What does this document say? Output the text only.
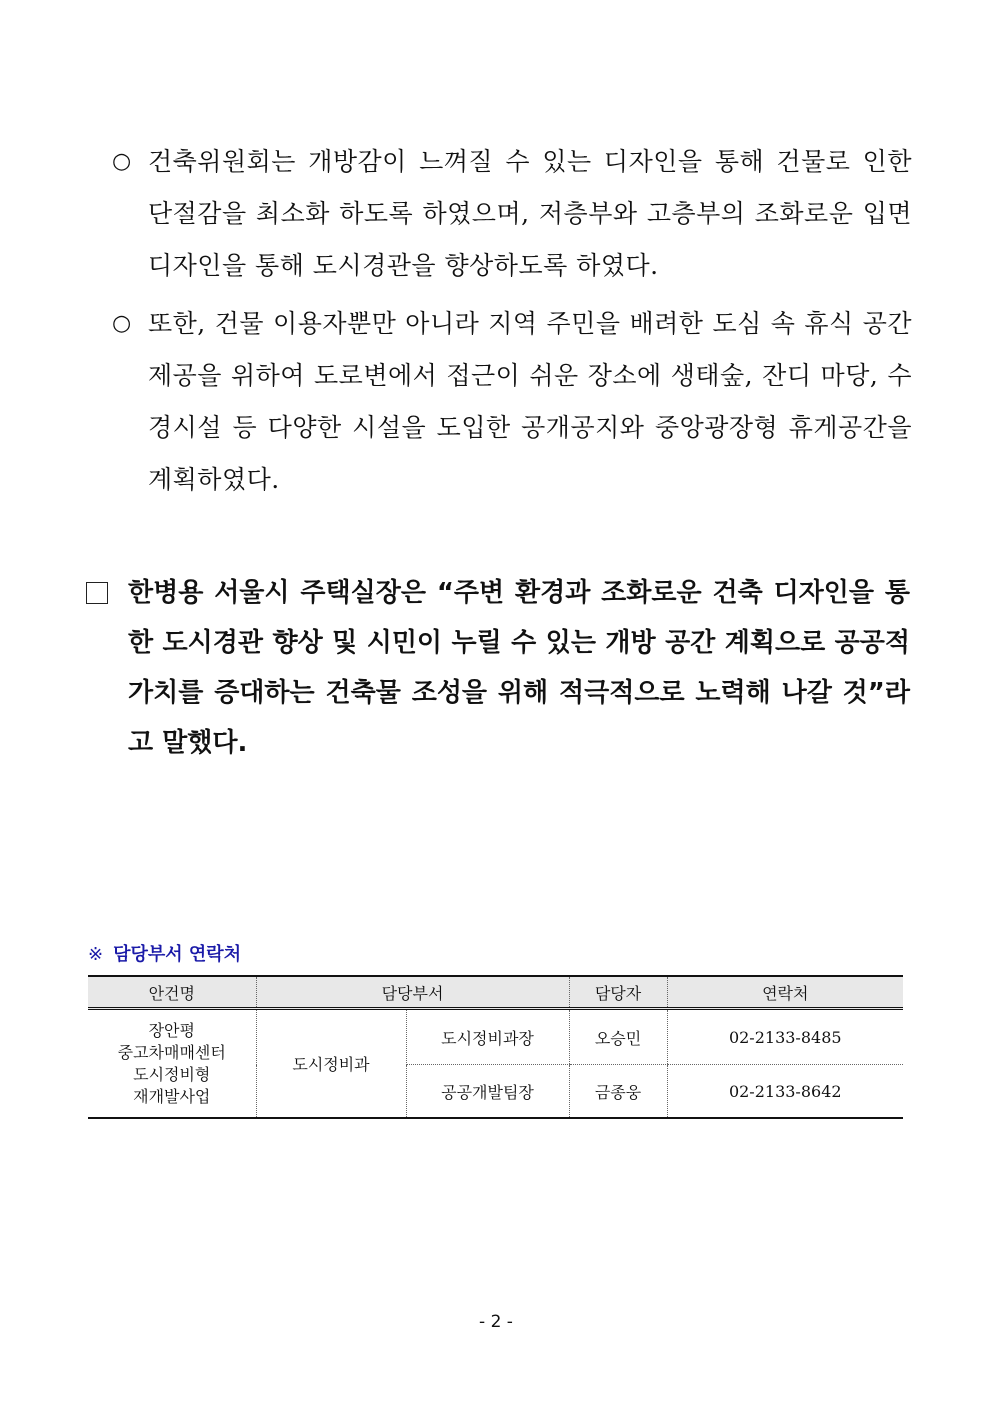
○ 건축위원회는 개방감이 느껴질 수 있는 디자인을 통해 건물로 인한 단절감을 최소화 하도록 하였으며, 저층부와 고층부의 조화로운 입면 디자인을 통해 도시경관을 향상하도록 하였다.
○ 또한, 건물 이용자뿐만 아니라 지역 주민을 배려한 도심 속 휴식 공간 제공을 위하여 도로변에서 접근이 쉬운 장소에 생태숲, 잔디 마당, 수경시설 등 다양한 시설을 도입한 공개공지와 중앙광장형 휴게공간을 계획하였다.
한병용 서울시 주택실장은 “주변 환경과 조화로운 건축 디자인을 통한 도시경관 향상 및 시민이 누릴 수 있는 개방 공간 계획으로 공공적 가치를 증대하는 건축물 조성을 위해 적극적으로 노력해 나갈 것”라고 말했다.
※ 담당부서 연락처
안건명	담당부서		담당자	연락처

장안평
중고차매매센터
도시정비형
재개발사업	도시정비과	도시정비과장	오승민	02-2133-8485
		공공개발팀장	금종웅	02-2133-8642
- 2 -
